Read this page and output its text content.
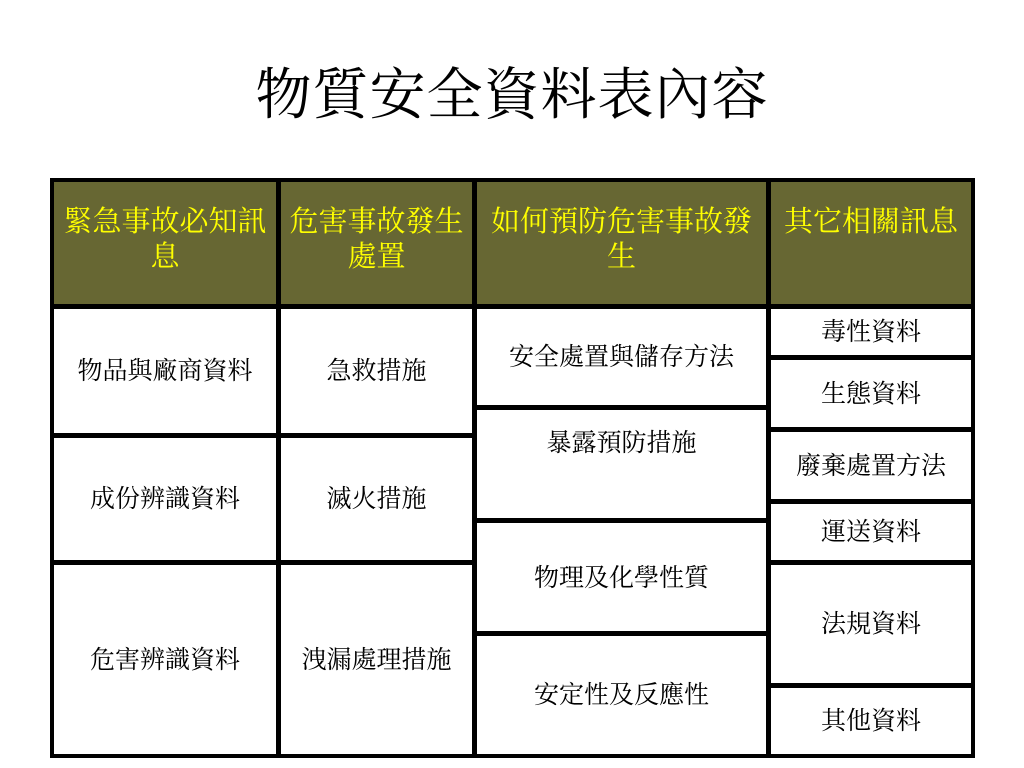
物質安全資料表內容
緊急事故必知訊息
危害事故發生處置
如何預防危害事故發生
其它相關訊息
物品與廠商資料
成份辨識資料
危害辨識資料
急救措施
滅火措施
洩漏處理措施
安全處置與儲存方法
暴露預防措施
物理及化學性質
安定性及反應性
毒性資料
生態資料
廢棄處置方法
運送資料
法規資料
其他資料
